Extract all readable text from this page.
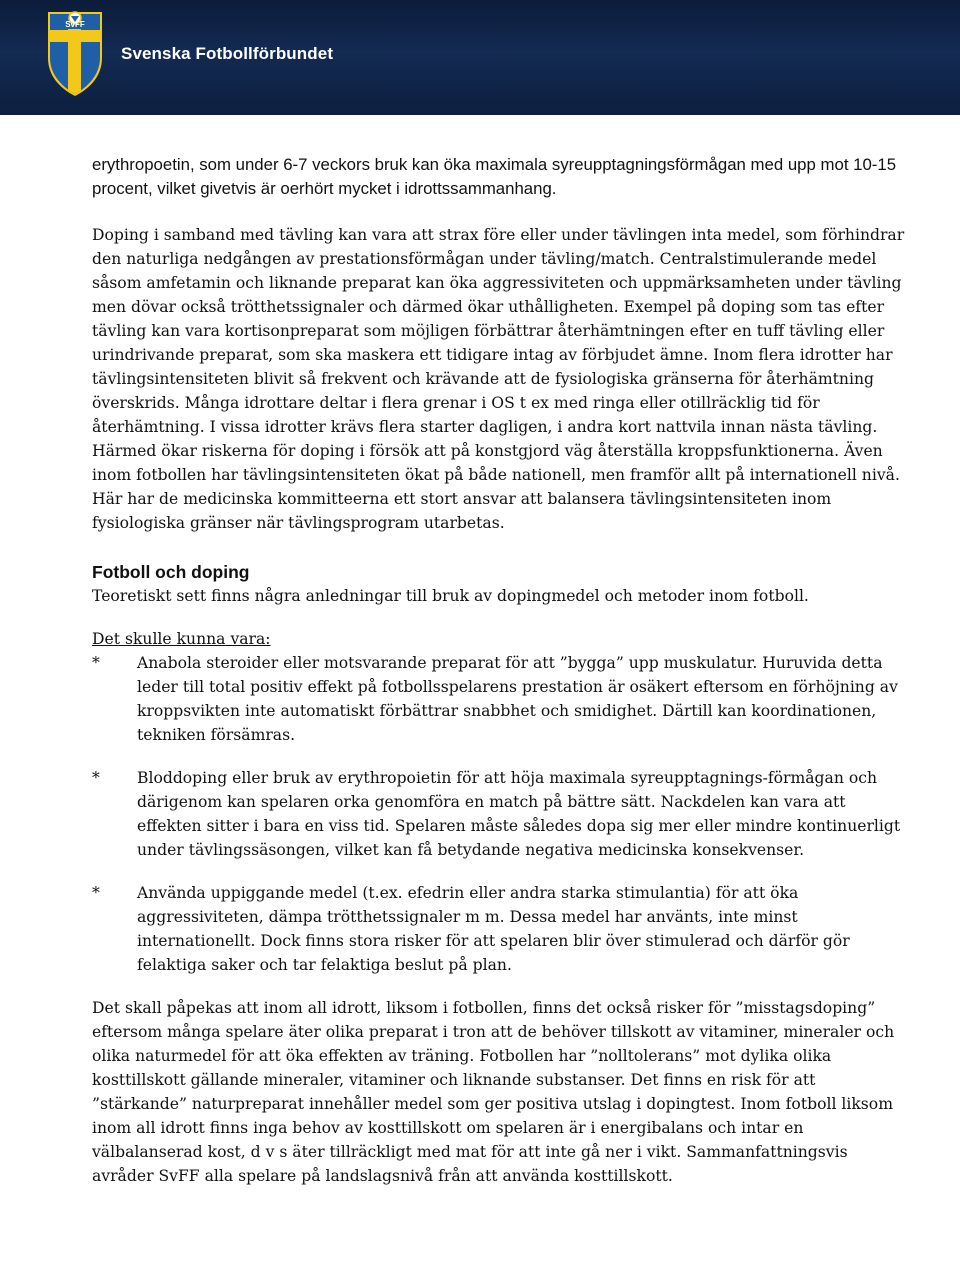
SvFF
Svenska Fotbollförbundet

erythropoetin, som under 6-7 veckors bruk kan öka maximala syreupptagningsförmågan med upp mot 10-15 procent, vilket givetvis är oerhört mycket i idrottssammanhang.

Doping i samband med tävling kan vara att strax före eller under tävlingen inta medel, som förhindrar den naturliga nedgången av prestationsförmågan under tävling/match. Centralstimulerande medel såsom amfetamin och liknande preparat kan öka aggressiviteten och uppmärksamheten under tävling men dövar också trötthetssignaler och därmed ökar uthålligheten. Exempel på doping som tas efter tävling kan vara kortisonpreparat som möjligen förbättrar återhämtningen efter en tuff tävling eller urindrivande preparat, som ska maskera ett tidigare intag av förbjudet ämne. Inom flera idrotter har tävlingsintensiteten blivit så frekvent och krävande att de fysiologiska gränserna för återhämtning överskrids. Många idrottare deltar i flera grenar i OS t ex med ringa eller otillräcklig tid för återhämtning. I vissa idrotter krävs flera starter dagligen, i andra kort nattvila innan nästa tävling. Härmed ökar riskerna för doping i försök att på konstgjord väg återställa kroppsfunktionerna. Även inom fotbollen har tävlingsintensiteten ökat på både nationell, men framför allt på internationell nivå. Här har de medicinska kommitteerna ett stort ansvar att balansera tävlingsintensiteten inom fysiologiska gränser när tävlingsprogram utarbetas.

Fotboll och doping

Teoretiskt sett finns några anledningar till bruk av dopingmedel och metoder inom fotboll.

Det skulle kunna vara:

* Anabola steroider eller motsvarande preparat för att ”bygga” upp muskulatur. Huruvida detta leder till total positiv effekt på fotbollsspelarens prestation är osäkert eftersom en förhöjning av kroppsvikten inte automatiskt förbättrar snabbhet och smidighet. Därtill kan koordinationen, tekniken försämras.
* Bloddoping eller bruk av erythropoietin för att höja maximala syreupptagnings-förmågan och därigenom kan spelaren orka genomföra en match på bättre sätt. Nackdelen kan vara att effekten sitter i bara en viss tid. Spelaren måste således dopa sig mer eller mindre kontinuerligt under tävlingssäsongen, vilket kan få betydande negativa medicinska konsekvenser.
* Använda uppiggande medel (t.ex. efedrin eller andra starka stimulantia) för att öka aggressiviteten, dämpa trötthetssignaler m m. Dessa medel har använts, inte minst internationellt. Dock finns stora risker för att spelaren blir över stimulerad och därför gör felaktiga saker och tar felaktiga beslut på plan.

Det skall påpekas att inom all idrott, liksom i fotbollen, finns det också risker för ”misstagsdoping” eftersom många spelare äter olika preparat i tron att de behöver tillskott av vitaminer, mineraler och olika naturmedel för att öka effekten av träning. Fotbollen har ”nolltolerans” mot dylika olika kosttillskott gällande mineraler, vitaminer och liknande substanser. Det finns en risk för att ”stärkande” naturpreparat innehåller medel som ger positiva utslag i dopingtest. Inom fotboll liksom inom all idrott finns inga behov av kosttillskott om spelaren är i energibalans och intar en välbalanserad kost, d v s äter tillräckligt med mat för att inte gå ner i vikt. Sammanfattningsvis avråder SvFF alla spelare på landslagsnivå från att använda kosttillskott.
